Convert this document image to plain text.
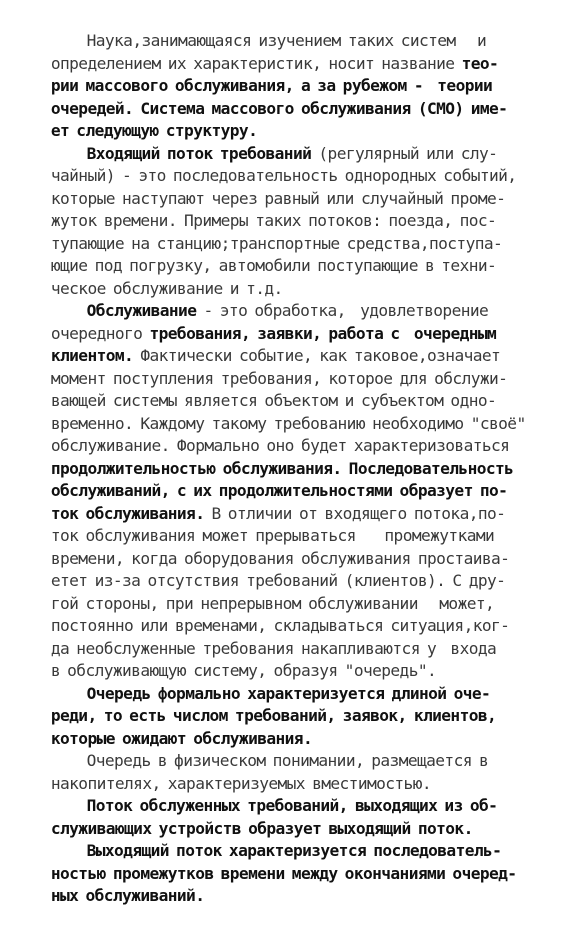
Наука,занимающаяся изучением таких систем   и

определением их характеристик, носит название тео-

рии массового обслуживания, а за рубежом -  теории

очередей. Система массового обслуживания (СМО) име-

ет следующую структуру.

Входящий поток требований (регулярный или слу-

чайный) - это последовательность однородных событий,

которые наступают через равный или случайный проме-

жуток времени. Примеры таких потоков: поезда, пос-

тупающие на станцию;транспортные средства,поступа-

ющие под погрузку, автомобили поступающие в техни-

ческое обслуживание и т.д.

Обслуживание - это обработка,  удовлетворение

очередного требования, заявки, работа с  очередным

клиентом. Фактически событие, как таковое,означает

момент поступления требования, которое для обслужи-

вающей системы является объектом и субъектом одно-

временно. Каждому такому требованию необходимо "своё"

обслуживание. Формально оно будет характеризоваться

продолжительностью обслуживания. Последовательность

обслуживаний, с их продолжительностями образует по-

ток обслуживания. В отличии от входящего потока,по-

ток обслуживания может прерываться    промежутками

времени, когда оборудования обслуживания простаива-

етет из-за отсутствия требований (клиентов). С дру-

гой стороны, при непрерывном обслуживании   может,

постоянно или временами, складываться ситуация,ког-

да необслуженные требования накапливаются у  входа

в обслуживающую систему, образуя "очередь".

Очередь формально характеризуется длиной оче-

реди, то есть числом требований, заявок, клиентов,

которые ожидают обслуживания.

Очередь в физическом понимании, размещается в

накопителях, характеризуемых вместимостью.

Поток обслуженных требований, выходящих из об-

служивающих устройств образует выходящий поток.

Выходящий поток характеризуется последователь-

ностью промежутков времени между окончаниями очеред-

ных обслуживаний.
